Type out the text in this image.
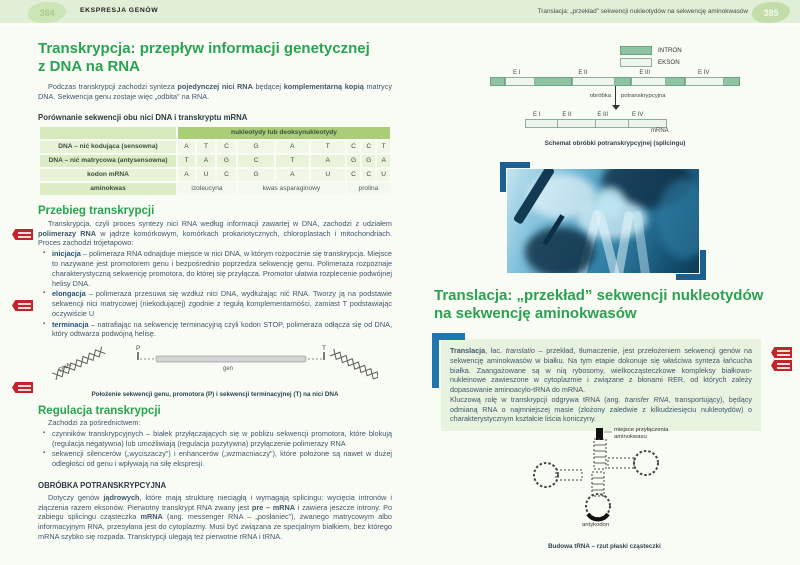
384	EKSPRESJA GENÓW	Translacja: „przekład” sekwencji nukleotydów na sekwencję aminokwasów 385
Transkrypcja: przepływ informacji genetycznej
z DNA na RNA

Podczas transkrypcji zachodzi synteza pojedynczej nici RNA będącej komplementarną kopią matrycy DNA. Sekwencja genu zostaje więc „odbita” na RNA.

Porównanie sekwencji obu nici DNA i transkryptu mRNA
	nukleotydy lub deoksynukleotydy								
DNA – nić kodująca (sensowna)	A	T	C	G	A	T	C	C	T
DNA – nić matrycowa (antysensowna)	T	A	G	C	T	A	G	G	A
kodon mRNA	A	U	C	G	A	U	C	C	U
aminokwas	izoleucyna			kwas asparaginowy			prolina		
Przebieg transkrypcji

Transkrypcja, czyli proces syntezy nici RNA według informacji zawartej w DNA, zachodzi z udziałem polimerazy RNA w jądrze komórkowym, komórkach prokariotycznych, chloroplastach i mitochondriach. Proces zachodzi trójetapowo:

▪ inicjacja – polimeraza RNA odnajduje miejsce w nici DNA, w którym rozpocznie się transkrypcja. Miejsce to nazywane jest promotorem genu i bezpośrednio poprzedza sekwencję genu. Polimeraza rozpoznaje charakterystyczną sekwencję promotora, do której się przyłącza. Promotor ułatwia rozplecenie podwójnej helisy DNA.
▪ elongacja – polimeraza przesuwa się wzdłuż nici DNA, wydłużając nić RNA. Tworzy ją na podstawie sekwencji nici matrycowej (niekodującej) zgodnie z regułą komplementarności, zamiast T podstawiając oczywiście U
▪ terminacja – natrafiając na sekwencję terminacyjną czyli kodon STOP, polimeraza odłącza się od DNA, który odtwarza podwójną helisę.
DNA
P
gen
T
Położenie sekwencji genu, promotora (P) i sekwencji terminacyjnej (T) na nici DNA
Regulacja transkrypcji

Zachodzi za pośrednictwem:

▪ czynników transkrypcyjnych – białek przyłączających się w pobliżu sekwencji promotora, które blokują (regulacja negatywna) lub umożliwiają (regulacja pozytywna) przyłączenie polimerazy RNA
▪ sekwencji silencerów („wyciszaczy”) i enhancerów („wzmacniaczy”), które położone są nawet w dużej odległości od genu i wpływają na siłę ekspresji.
OBRÓBKA POTRANSKRYPCYJNA

Dotyczy genów jądrowych, które mają strukturę nieciągłą i wymagają splicingu: wycięcia intronów i złączenia razem eksonów. Pierwotny transkrypt RNA zwany jest pre – mRNA i zawiera jeszcze introny. Po zabiegu splicingu cząsteczka mRNA (ang. messenger RNA – „posłaniec”), zwanego matrycowym albo informacyjnym RNA, przesyłana jest do cytoplazmy. Musi być związana ze specjalnym białkiem, bez którego mRNA szybko się rozpada. Transkrypcji ulegają też pierwotne rRNA i tRNA.

INTRON
EKSON
E I	E II	E III	E IV
obróbka potranskrypcyjna
E I	E II	E III	E IV
mRNA
Schemat obróbki potranskrypcyjnej (splicingu)
Translacja: „przekład” sekwencji nukleotydów
na sekwencję aminokwasów

Translacja, łac. translatio – przekład, tłumaczenie, jest przełożeniem sekwencji genów na sekwencję aminokwasów w białku. Na tym etapie dokonuje się właściwa synteza łańcucha białka. Zaangażowane są w nią rybosomy, wielkocząsteczkowe kompleksy białkowo-nukleinowe zawieszone w cytoplazmie i związane z błonami RER, od których zależy dopasowanie aminoacylo-tRNA do mRNA.

Kluczową rolę w transkrypcji odgrywa tRNA (ang. transfer RNA, transportujący), będący odmianą RNA o najmniejszej masie (złożony zaledwie z kilkudziesięciu nukleotydów) o charakterystycznym kształcie liścia koniczyny.

miejsce przyłączenia
aminokwasu
antykodon
Budowa tRNA – rzut płaski cząsteczki
